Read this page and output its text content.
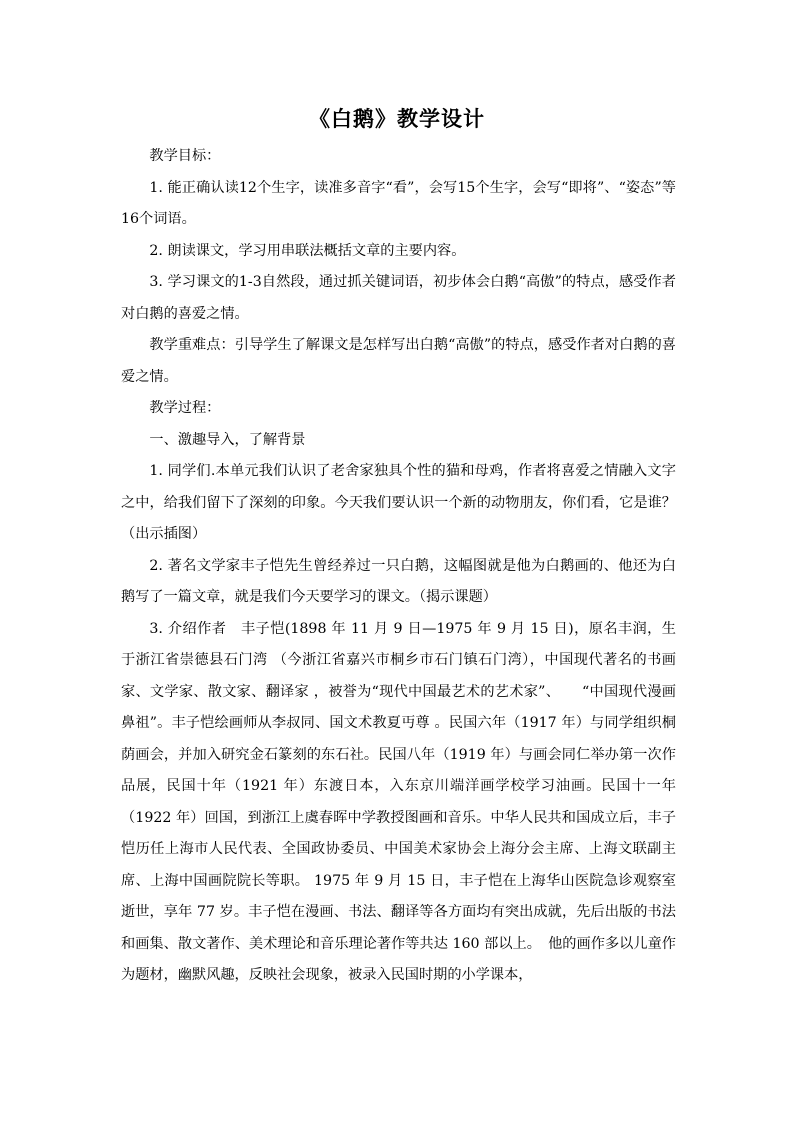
《白鹅》教学设计

教学目标：

1. 能正确认读12个生字，读准多音字“看”，会写15个生字，会写“即将”、“姿态”等16个词语。

2. 朗读课文，学习用串联法概括文章的主要内容。

3. 学习课文的1-3自然段，通过抓关键词语，初步体会白鹅“高傲”的特点，感受作者对白鹅的喜爱之情。

教学重难点：引导学生了解课文是怎样写出白鹅“高傲”的特点，感受作者对白鹅的喜爱之情。

教学过程：

一、激趣导入，了解背景

1. 同学们.本单元我们认识了老舍家独具个性的猫和母鸡，作者将喜爱之情融入文字之中，给我们留下了深刻的印象。今天我们要认识一个新的动物朋友，你们看，它是谁？（出示插图）

2. 著名文学家丰子恺先生曾经养过一只白鹅，这幅图就是他为白鹅画的、他还为白鹅写了一篇文章，就是我们今天要学习的课文。（揭示课题）

3. 介绍作者　丰子恺(1898 年 11 月 9 日—1975 年 9 月 15 日)，原名丰润，生于浙江省崇德县石门湾 （今浙江省嘉兴市桐乡市石门镇石门湾），中国现代著名的书画家、文学家、散文家、翻译家 ，被誉为“现代中国最艺术的艺术家”、　　“中国现代漫画鼻祖”。丰子恺绘画师从李叔同、国文术教夏丏尊 。民国六年（1917 年）与同学组织桐荫画会，并加入研究金石篆刻的东石社。民国八年（1919 年）与画会同仁举办第一次作品展，民国十年（1921 年）东渡日本，入东京川端洋画学校学习油画。民国十一年（1922 年）回国，到浙江上虞春晖中学教授图画和音乐。中华人民共和国成立后，丰子恺历任上海市人民代表、全国政协委员、中国美术家协会上海分会主席、上海文联副主席、上海中国画院院长等职。 1975 年 9 月 15 日，丰子恺在上海华山医院急诊观察室逝世，享年 77 岁。丰子恺在漫画、书法、翻译等各方面均有突出成就，先后出版的书法和画集、散文著作、美术理论和音乐理论著作等共达 160 部以上。　他的画作多以儿童作为题材，幽默风趣，反映社会现象，被录入民国时期的小学课本，
